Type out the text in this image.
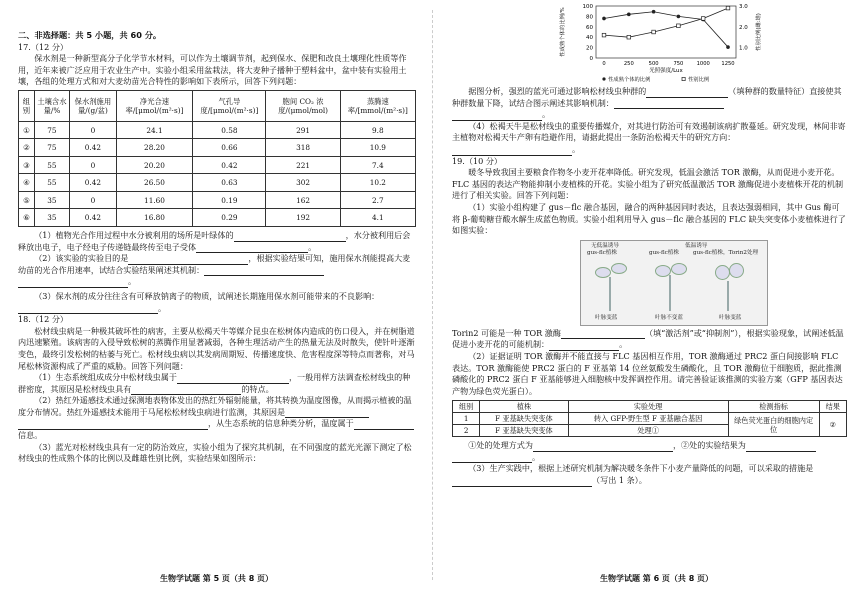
二、非选择题：共 5 小题，共 60 分。

17.（12 分）

保水剂是一种新型高分子化学节水材料，可以作为土壤调节剂，起到保水、保肥和改良土壤理化性质等作用，近年来被广泛应用于农业生产中。实验小组采用盆栽法，将大麦种子播种于塑料盆中，盆中装有实验用土壤，各组的处理方式和对大麦幼苗光合特性的影响如下表所示，回答下列问题：

组别	土壤含水量/%	保水剂施用量/(g/盆)	净光合速率/[μmol/(m²·s)]	气孔导度/[μmol/(m²·s)]	胞间 CO₂ 浓度/(μmol/mol)	蒸腾速率/[mmol/(m²·s)]
①	75	0	24.1	0.58	291	9.8
②	75	0.42	28.20	0.66	318	10.9
③	55	0	20.20	0.42	221	7.4
④	55	0.42	26.50	0.63	302	10.2
⑤	35	0	11.60	0.19	162	2.7
⑥	35	0.42	16.80	0.29	192	4.1

（1）植物光合作用过程中水分被利用的场所是叶绿体的	，水分被利用后会释放出电子，电子经电子传递链最终传至电子受体	。

（2）该实验的实验目的是	，根据实验结果可知，施用保水剂能提高大麦幼苗的光合作用速率，试结合实验结果阐述其机制：
。

（3）保水剂的成分往往含有可释放钠离子的物质，试阐述长期施用保水剂可能带来的不良影响：。

18.（12 分）

松材线虫病是一种极其破坏性的病害，主要从松褐天牛等媒介昆虫在松树体内造成的伤口侵入，并在树脂道内迅速繁殖。该病害的入侵导致松树的蒸腾作用显著减弱，各种生理活动产生的热量无法及时散失，使针叶逐渐变色，最终引发松树的枯萎与死亡。松材线虫病以其发病周期短、传播速度快、危害程度深等特点而著称，对马尾松林资源构成了严重的威胁。回答下列问题：

（1）生态系统组成成分中松材线虫属于	，一般用样方法调查松材线虫的种群密度，其原因是松材线虫具有	的特点。

（2）热红外遥感技术通过探测地表物体发出的热红外辐射能量，将其转换为温度图像，从而揭示植被的温度分布情况。热红外遥感技术能用于马尾松松材线虫病进行监测，其原因是，从生态系统的信息种类分析，温度属于信息。

（3）蓝光对松材线虫具有一定的防治效应，实验小组为了探究其机制，在不同强度的蓝光光源下测定了松材线虫的性成熟个体的比例以及雌雄性别比例，实验结果如图所示：

生物学试题 第 5 页（共 8 页）
0
20
40
60
80
100
1.0
2.0
3.0
0	250	500	750	1000 1250
光照强度/Lux
性成熟个体的比例/%	性别比例(雌:雄)
性成熟个体的比例	性别比例

据图分析，强烈的蓝光可通过影响松材线虫种群的	（填种群的数量特征）直接使其种群数量下降，试结合图示阐述其影响机制：
。

（4）松褐天牛是松材线虫的重要传播媒介，对其进行防治可有效遏制该病扩散蔓延。研究发现，林间非寄主植物对松褐天牛产卵有趋避作用，请据此提出一条防治松褐天牛的研究方向：。

19.（10 分）

暖冬导致我国主要粮食作物冬小麦开花率降低。研究发现，低温会激活 TOR 激酶，从而促进小麦开花。FLC 基因的表达产物能抑制小麦植株的开花。实验小组为了研究低温激活 TOR 激酶促进小麦植株开花的机制进行了相关实验。回答下列问题：

（1）实验小组构建了 gus－flc 融合基因，融合的两种基因同时表达，且表达强弱相同，其中 Gus 酶可将 β-葡萄糖苷酸水解生成蓝色物质。实验小组利用导入 gus－flc 融合基因的 FLC 缺失突变体小麦植株进行了如图实验：

无低温诱导
gus-flc植株
低温诱导
gus-flc植株	gus-flc植株，Torin2处理
叶脉变蓝	叶脉不变蓝	叶脉变蓝

Torin2 可能是一种 TOR 激酶	（填“激活剂”或“抑制剂”），根据实验现象，试阐述低温促进小麦开花的可能机制：	。

（2）证据证明 TOR 激酶并不能直接与 FLC 基因相互作用，TOR 激酶通过 PRC2 蛋白间接影响 FLC 表达。TOR 激酶能使 PRC2 蛋白的 F 亚基第 14 位丝氨酸发生磷酸化，且 TOR 激酶位于细胞质，据此推测磷酸化的 PRC2 蛋白 F 亚基能够进入细胞核中发挥调控作用。请完善验证该推测的实验方案（GFP 基因表达产物为绿色荧光蛋白）。

组别	植株	实验处理	检测指标	结果
1	F 亚基缺失突变体	转入 GFP-野生型 F 亚基融合基因	绿色荧光蛋白的细胞内定位	②
2	F 亚基缺失突变体	处理①		

①处的处理方式为	，②处的实验结果为
。

（3）生产实践中，根据上述研究机制为解决暖冬条件下小麦产量降低的问题，可以采取的措施是（写出 1 条）。

生物学试题 第 6 页（共 8 页）
